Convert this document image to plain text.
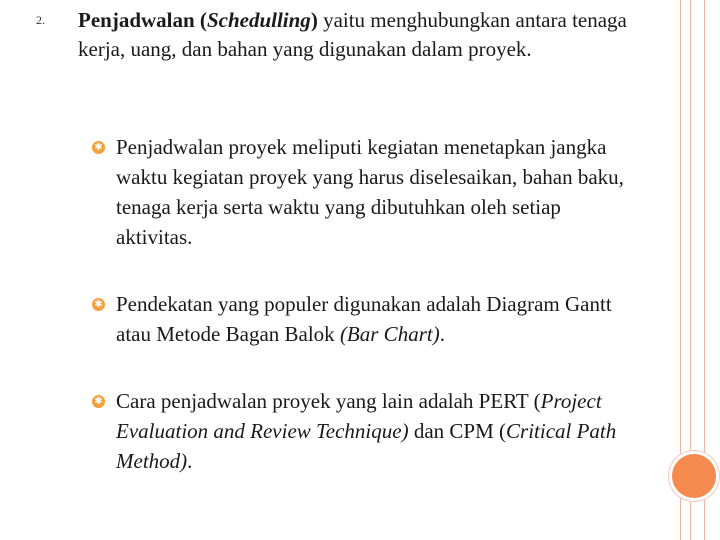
2. Penjadwalan (Schedulling) yaitu menghubungkan antara tenaga kerja, uang, dan bahan yang digunakan dalam proyek.
✱ Penjadwalan proyek meliputi kegiatan menetapkan jangka waktu kegiatan proyek yang harus diselesaikan, bahan baku, tenaga kerja serta waktu yang dibutuhkan oleh setiap aktivitas.
✱ Pendekatan yang populer digunakan adalah Diagram Gantt atau Metode Bagan Balok (Bar Chart).
✱ Cara penjadwalan proyek yang lain adalah PERT (Project Evaluation and Review Technique) dan CPM (Critical Path Method).
